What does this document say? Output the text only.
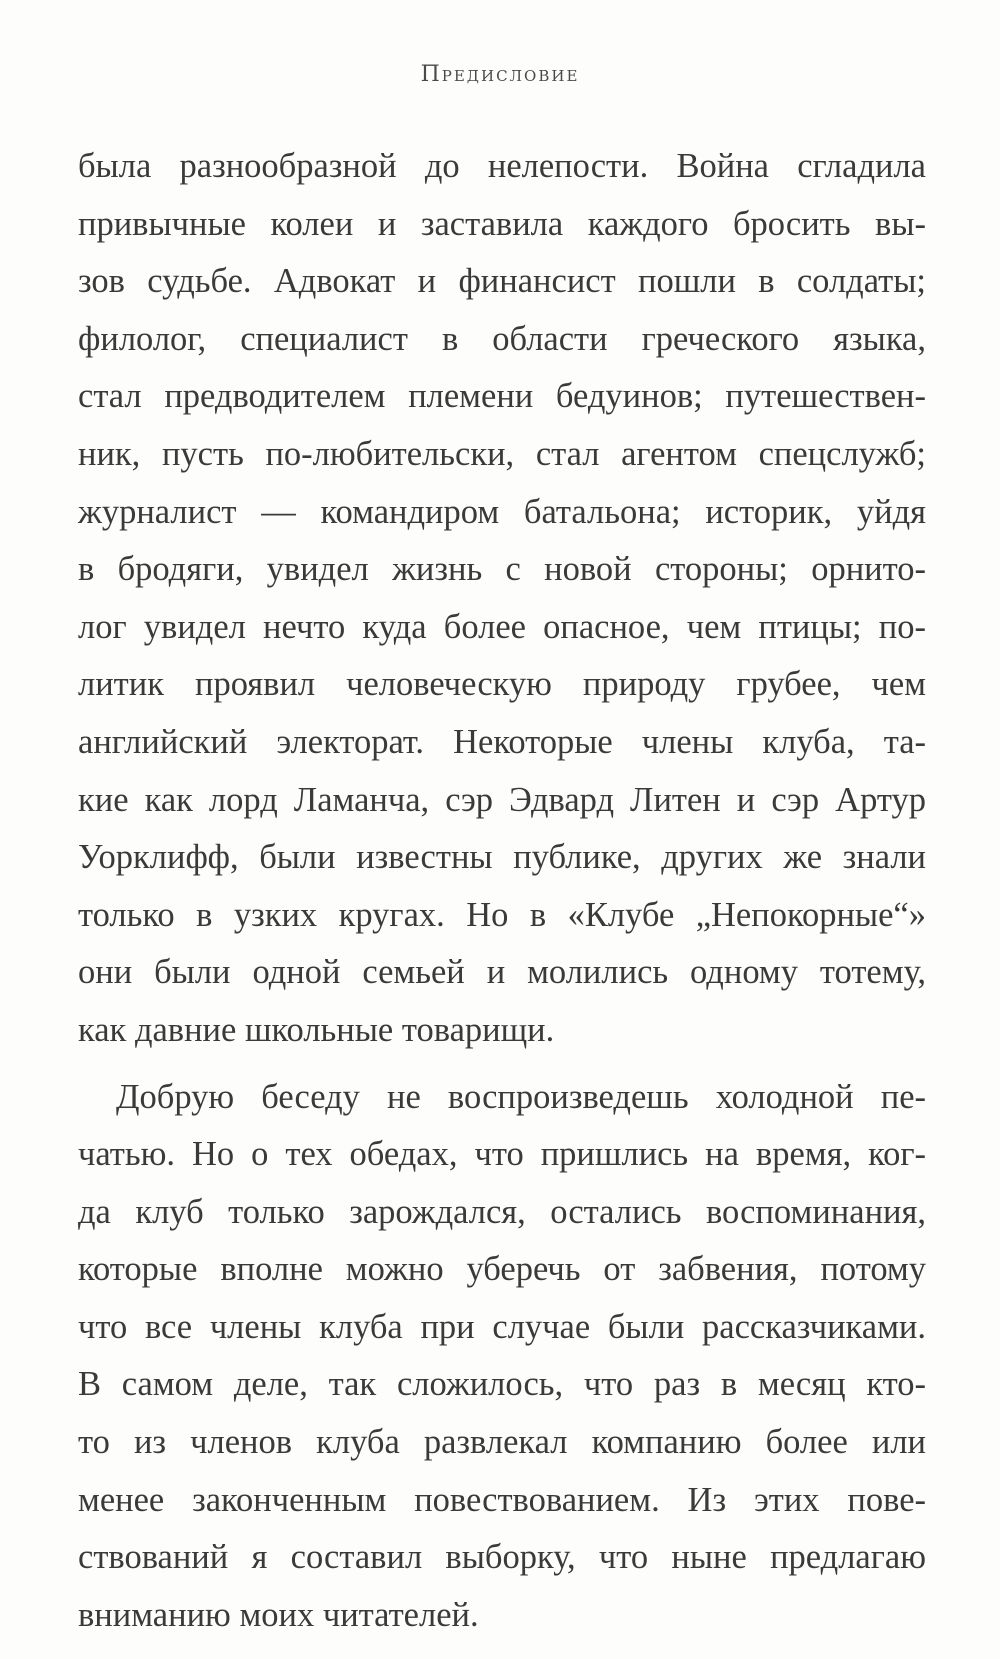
Предисловие
была разнообразной до нелепости. Война сгладила
привычные колеи и заставила каждого бросить вы-
зов судьбе. Адвокат и финансист пошли в солдаты;
филолог, специалист в области греческого языка,
стал предводителем племени бедуинов; путешествен-
ник, пусть по-любительски, стал агентом спецслужб;
журналист — командиром батальона; историк, уйдя
в бродяги, увидел жизнь с новой стороны; орнито-
лог увидел нечто куда более опасное, чем птицы; по-
литик проявил человеческую природу грубее, чем
английский электорат. Некоторые члены клуба, та-
кие как лорд Ламанча, сэр Эдвард Литен и сэр Артур
Уорклифф, были известны публике, других же знали
только в узких кругах. Но в «Клубе „Непокорные“»
они были одной семьей и молились одному тотему,
как давние школьные товарищи.
Добрую беседу не воспроизведешь холодной пе-
чатью. Но о тех обедах, что пришлись на время, ког-
да клуб только зарождался, остались воспоминания,
которые вполне можно уберечь от забвения, потому
что все члены клуба при случае были рассказчиками.
В самом деле, так сложилось, что раз в месяц кто-
то из членов клуба развлекал компанию более или
менее законченным повествованием. Из этих пове-
ствований я составил выборку, что ныне предлагаю
вниманию моих читателей.
